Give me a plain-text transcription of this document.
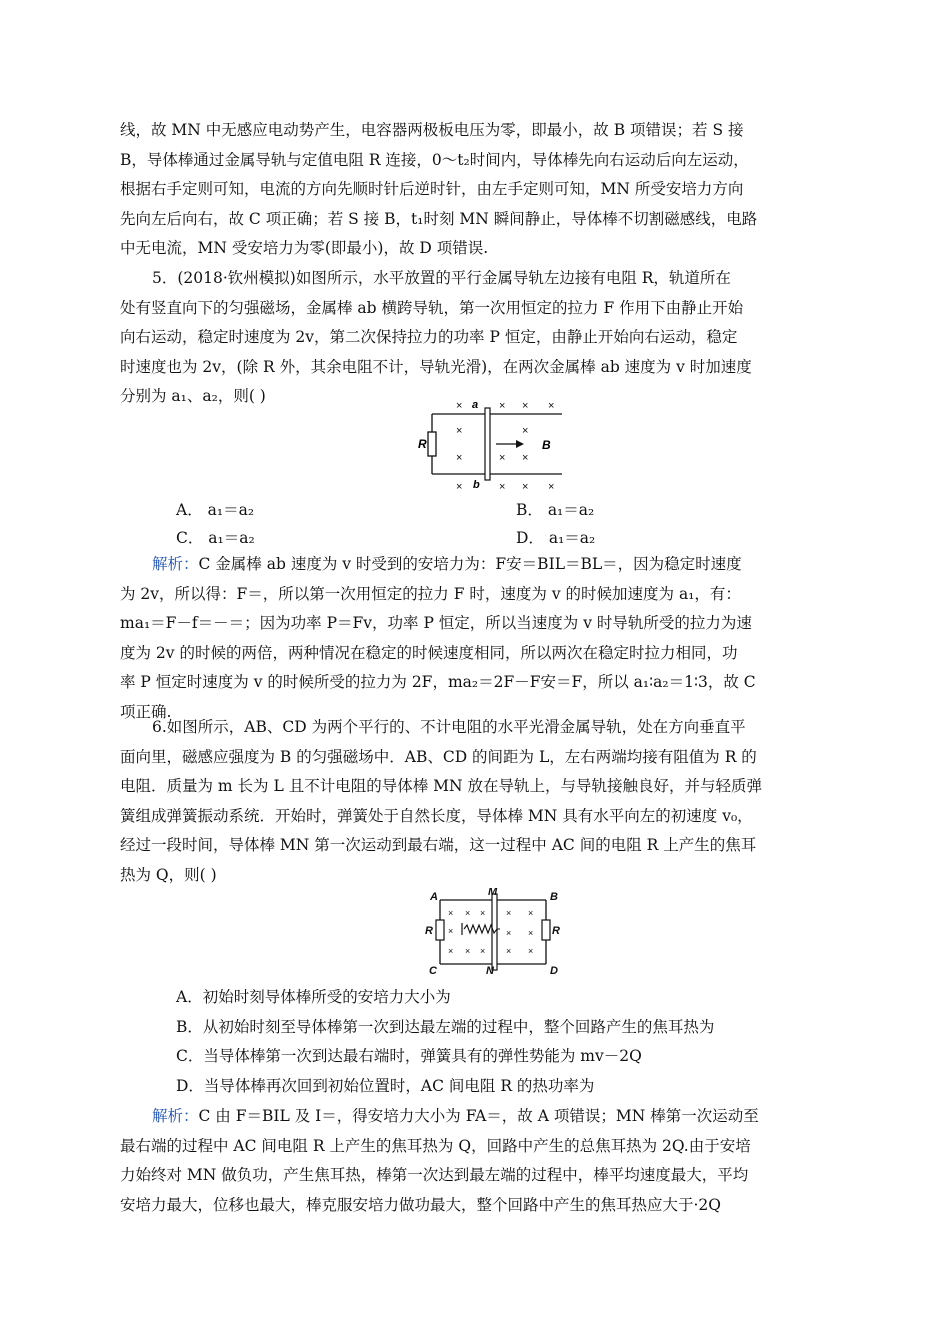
线，故 MN 中无感应电动势产生，电容器两极板电压为零，即最小，故 B 项错误；若 S 接
B，导体棒通过金属导轨与定值电阻 R 连接，0～t₂时间内，导体棒先向右运动后向左运动，
根据右手定则可知，电流的方向先顺时针后逆时针，由左手定则可知，MN 所受安培力方向
先向左后向右，故 C 项正确；若 S 接 B，t₁时刻 MN 瞬间静止，导体棒不切割磁感线，电路
中无电流，MN 受安培力为零(即最小)，故 D 项错误.
5．(2018·钦州模拟)如图所示，水平放置的平行金属导轨左边接有电阻 R，轨道所在
处有竖直向下的匀强磁场，金属棒 ab 横跨导轨，第一次用恒定的拉力 F 作用下由静止开始
向右运动，稳定时速度为 2v，第二次保持拉力的功率 P 恒定，由静止开始向右运动，稳定
时速度也为 2v，(除 R 外，其余电阻不计，导轨光滑)，在两次金属棒 ab 速度为 v 时加速度
分别为 a₁、a₂，则( )
R
a
b
B
×	× × ×
×	×
×	× ×
×	× × ×
A． a₁＝a₂	B． a₁＝a₂
C． a₁＝a₂	D． a₁＝a₂
解析：C 金属棒 ab 速度为 v 时受到的安培力为：F安＝BIL＝BL＝，因为稳定时速度
为 2v，所以得：F＝，所以第一次用恒定的拉力 F 时，速度为 v 的时候加速度为 a₁，有：
ma₁＝F－f＝－＝；因为功率 P＝Fv，功率 P 恒定，所以当速度为 v 时导轨所受的拉力为速
度为 2v 的时候的两倍，两种情况在稳定的时候速度相同，所以两次在稳定时拉力相同，功
率 P 恒定时速度为 v 的时候所受的拉力为 2F，ma₂＝2F－F安＝F，所以 a₁∶a₂＝1∶3，故 C
项正确.
6.如图所示，AB、CD 为两个平行的、不计电阻的水平光滑金属导轨，处在方向垂直平
面向里，磁感应强度为 B 的匀强磁场中．AB、CD 的间距为 L，左右两端均接有阻值为 R 的
电阻．质量为 m 长为 L 且不计电阻的导体棒 MN 放在导轨上，与导轨接触良好，并与轻质弹
簧组成弹簧振动系统．开始时，弹簧处于自然长度，导体棒 MN 具有水平向左的初速度 v₀，
经过一段时间，导体棒 MN 第一次运动到最右端，这一过程中 AC 间的电阻 R 上产生的焦耳
热为 Q，则( )
A	B
C	D
M
N
R	R
× × × × ×
×	× ×
× × × × ×
A．初始时刻导体棒所受的安培力大小为
B．从初始时刻至导体棒第一次到达最左端的过程中，整个回路产生的焦耳热为
C．当导体棒第一次到达最右端时，弹簧具有的弹性势能为 mv－2Q
D．当导体棒再次回到初始位置时，AC 间电阻 R 的热功率为
解析：C 由 F＝BIL 及 I＝，得安培力大小为 FA＝，故 A 项错误；MN 棒第一次运动至
最右端的过程中 AC 间电阻 R 上产生的焦耳热为 Q，回路中产生的总焦耳热为 2Q.由于安培
力始终对 MN 做负功，产生焦耳热，棒第一次达到最左端的过程中，棒平均速度最大，平均
安培力最大，位移也最大，棒克服安培力做功最大，整个回路中产生的焦耳热应大于·2Q
